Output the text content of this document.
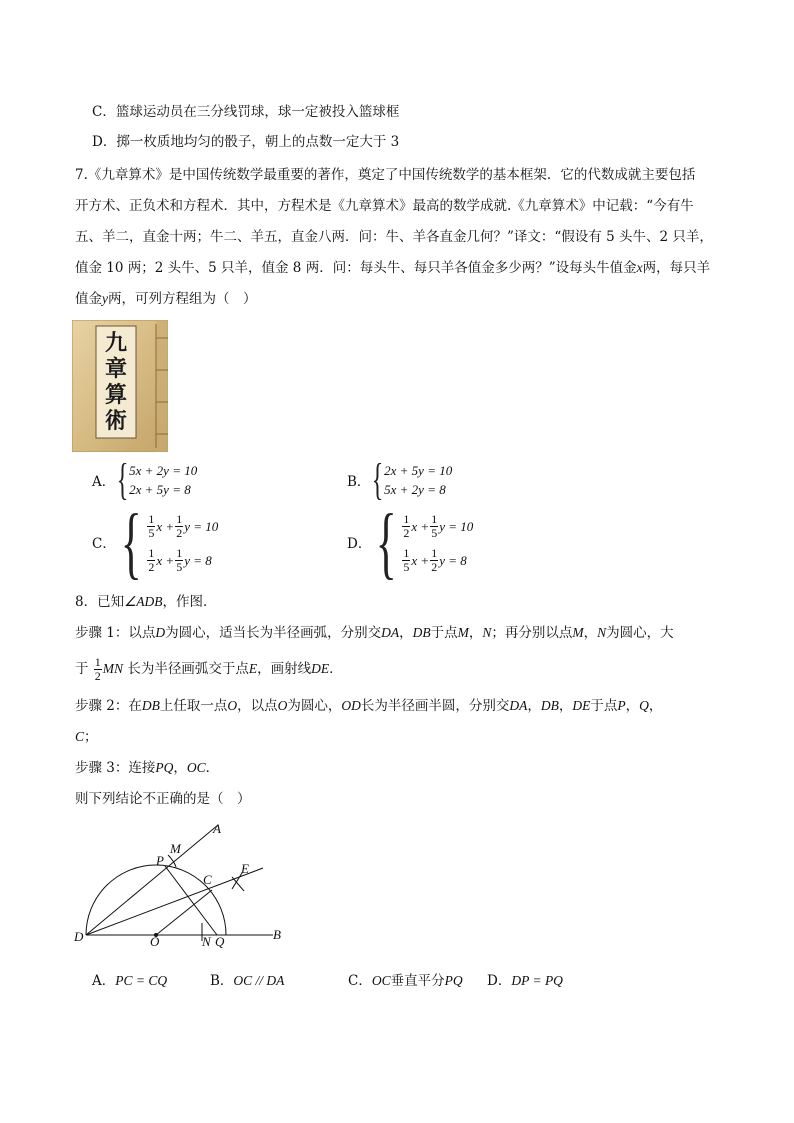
C．篮球运动员在三分线罚球，球一定被投入篮球框
D．掷一枚质地均匀的骰子，朝上的点数一定大于 3
7.《九章算术》是中国传统数学最重要的著作，奠定了中国传统数学的基本框架．它的代数成就主要包括
开方术、正负术和方程术．其中，方程术是《九章算术》最高的数学成就.《九章算术》中记载：“今有牛
五、羊二，直金十两；牛二、羊五，直金八两．问：牛、羊各直金几何？”译文：“假设有 5 头牛、2 只羊，
值金 10 两；2 头牛、5 只羊，值金 8 两．问：每头牛、每只羊各值金多少两？”设每头牛值金x两，每只羊
值金y两，可列方程组为（　）
九
章
算
術
A． { 5x + 2y = 10
2x + 5y = 8	B． { 2x + 5y = 10
5x + 2y = 8
C． { $\frac{1}{5}$ $x + \frac{1}{2}$ y = 10
$\frac{1}{2}$ $x + \frac{1}{5}$ y = 8
D． { $\frac{1}{2}$ $x + \frac{1}{5}$ y = 10
$\frac{1}{5}$ $x + \frac{1}{2}$ y = 8
8．已知∠ADB，作图．
步骤 1：以点D为圆心，适当长为半径画弧，分别交DA，DB于点M，N；再分别以点M，N为圆心，大
于 $\frac{1}{2}$ MN 长为半径画弧交于点E，画射线DE．
步骤 2：在DB上任取一点O，以点O为圆心，OD长为半径画半圆，分别交DA，DB，DE于点P，Q，
C；
步骤 3：连接PQ，OC．
则下列结论不正确的是（　）
A
M
P
E
C
D	O	N Q	B
A．PC = CQ	B．OC // DA	C．OC垂直平分PQ D．DP = PQ
